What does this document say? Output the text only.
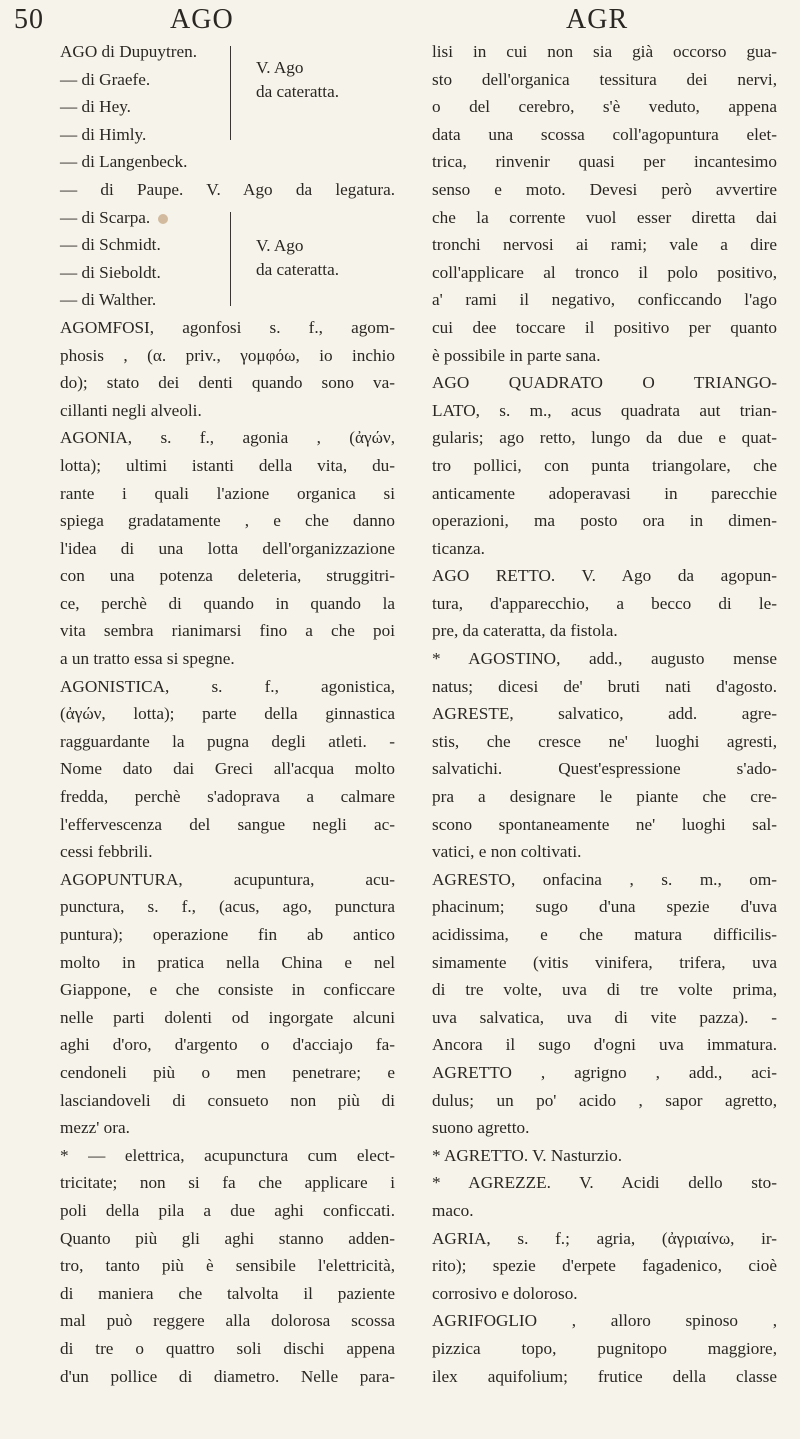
50	AGO	AGR
AGO di Dupuytren.
— di Graefe.
— di Hey.
— di Himly.
V. Ago
da cateratta.
— di Langenbeck.
— di Paupe. V. Ago da legatura.
— di Scarpa.
— di Schmidt.
— di Sieboldt.
— di Walther.
V. Ago
da cateratta.
AGOMFOSI, agonfosi s. f., agom-
phosis , (α. priv., γομφόω, io inchio
do); stato dei denti quando sono va-
cillanti negli alveoli.
AGONIA, s. f., agonia , (ἀγών,
lotta); ultimi istanti della vita, du-
rante i quali l'azione organica si
spiega gradatamente , e che danno
l'idea di una lotta dell'organizzazione
con una potenza deleteria, struggitri-
ce, perchè di quando in quando la
vita sembra rianimarsi fino a che poi
a un tratto essa si spegne.
AGONISTICA, s. f., agonistica,
(ἀγών, lotta); parte della ginnastica
ragguardante la pugna degli atleti. -
Nome dato dai Greci all'acqua molto
fredda, perchè s'adoprava a calmare
l'effervescenza del sangue negli ac-
cessi febbrili.
AGOPUNTURA, acupuntura, acu-
punctura, s. f., (acus, ago, punctura
puntura); operazione fin ab antico
molto in pratica nella China e nel
Giappone, e che consiste in conficcare
nelle parti dolenti od ingorgate alcuni
aghi d'oro, d'argento o d'acciajo fa-
cendoneli più o men penetrare; e
lasciandoveli di consueto non più di
mezz' ora.
* — elettrica, acupunctura cum elect-
tricitate; non si fa che applicare i
poli della pila a due aghi conficcati.
Quanto più gli aghi stanno adden-
tro, tanto più è sensibile l'elettricità,
di maniera che talvolta il paziente
mal può reggere alla dolorosa scossa
di tre o quattro soli dischi appena
d'un pollice di diametro. Nelle para-
lisi in cui non sia già occorso gua-
sto dell'organica tessitura dei nervi,
o del cerebro, s'è veduto, appena
data una scossa coll'agopuntura elet-
trica, rinvenir quasi per incantesimo
senso e moto. Devesi però avvertire
che la corrente vuol esser diretta dai
tronchi nervosi ai rami; vale a dire
coll'applicare al tronco il polo positivo,
a' rami il negativo, conficcando l'ago
cui dee toccare il positivo per quanto
è possibile in parte sana.
AGO QUADRATO O TRIANGO-
LATO, s. m., acus quadrata aut trian-
gularis; ago retto, lungo da due e quat-
tro pollici, con punta triangolare, che
anticamente adoperavasi in parecchie
operazioni, ma posto ora in dimen-
ticanza.
AGO RETTO. V. Ago da agopun-
tura, d'apparecchio, a becco di le-
pre, da cateratta, da fistola.
* AGOSTINO, add., augusto mense
natus; dicesi de' bruti nati d'agosto.
AGRESTE, salvatico, add. agre-
stis, che cresce ne' luoghi agresti,
salvatichi. Quest'espressione s'ado-
pra a designare le piante che cre-
scono spontaneamente ne' luoghi sal-
vatici, e non coltivati.
AGRESTO, onfacina , s. m., om-
phacinum; sugo d'una spezie d'uva
acidissima, e che matura difficilis-
simamente (vitis vinifera, trifera, uva
di tre volte, uva di tre volte prima,
uva salvatica, uva di vite pazza). -
Ancora il sugo d'ogni uva immatura.
AGRETTO , agrigno , add., aci-
dulus; un po' acido , sapor agretto,
suono agretto.
* AGRETTO. V. Nasturzio.
* AGREZZE. V. Acidi dello sto-
maco.
AGRIA, s. f.; agria, (ἀγριαίνω, ir-
rito); spezie d'erpete fagadenico, cioè
corrosivo e doloroso.
AGRIFOGLIO , alloro spinoso ,
pizzica topo, pugnitopo maggiore,
ilex aquifolium; frutice della classe
